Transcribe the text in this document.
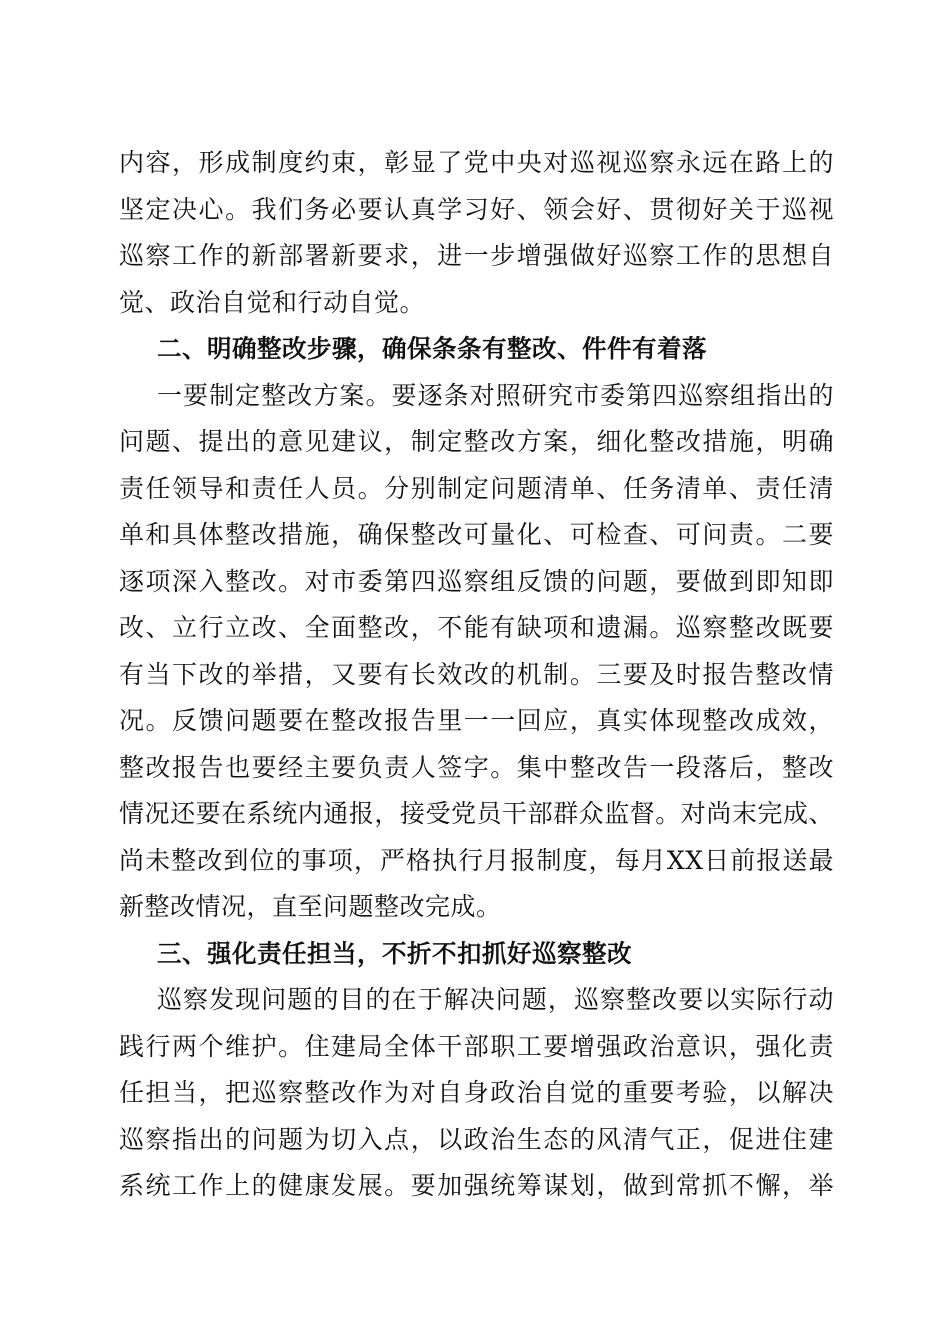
内容，形成制度约束，彰显了党中央对巡视巡察永远在路上的
坚定决心。我们务必要认真学习好、领会好、贯彻好关于巡视
巡察工作的新部署新要求，进一步增强做好巡察工作的思想自
觉、政治自觉和行动自觉。
二、明确整改步骤，确保条条有整改、件件有着落
一要制定整改方案。要逐条对照研究市委第四巡察组指出的
问题、提出的意见建议，制定整改方案，细化整改措施，明确
责任领导和责任人员。分别制定问题清单、任务清单、责任清
单和具体整改措施，确保整改可量化、可检查、可问责。二要
逐项深入整改。对市委第四巡察组反馈的问题，要做到即知即
改、立行立改、全面整改，不能有缺项和遗漏。巡察整改既要
有当下改的举措，又要有长效改的机制。三要及时报告整改情
况。反馈问题要在整改报告里一一回应，真实体现整改成效，
整改报告也要经主要负责人签字。集中整改告一段落后，整改
情况还要在系统内通报，接受党员干部群众监督。对尚末完成、
尚未整改到位的事项，严格执行月报制度，每月XX日前报送最
新整改情况，直至问题整改完成。
三、强化责任担当，不折不扣抓好巡察整改
巡察发现问题的目的在于解决问题，巡察整改要以实际行动
践行两个维护。住建局全体干部职工要增强政治意识，强化责
任担当，把巡察整改作为对自身政治自觉的重要考验，以解决
巡察指出的问题为切入点，以政治生态的风清气正，促进住建
系统工作上的健康发展。要加强统筹谋划，做到常抓不懈，举
